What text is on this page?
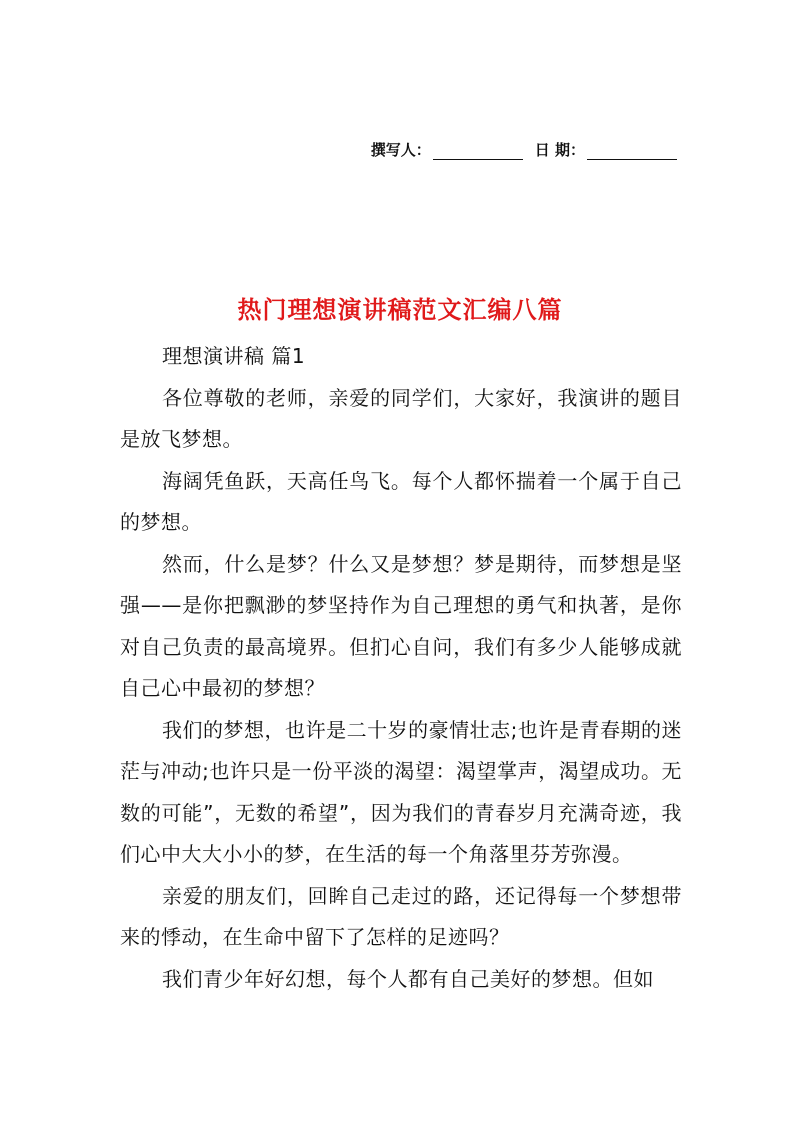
撰写人：	日 期：
热门理想演讲稿范文汇编八篇

理想演讲稿 篇1

各位尊敬的老师，亲爱的同学们，大家好，我演讲的题目是放飞梦想。

海阔凭鱼跃，天高任鸟飞。每个人都怀揣着一个属于自己的梦想。

然而，什么是梦？什么又是梦想？梦是期待，而梦想是坚强——是你把飘渺的梦坚持作为自己理想的勇气和执著，是你对自己负责的最高境界。但扪心自问，我们有多少人能够成就自己心中最初的梦想？

我们的梦想，也许是二十岁的豪情壮志;也许是青春期的迷茫与冲动;也许只是一份平淡的渴望：渴望掌声，渴望成功。无数的可能”，无数的希望”，因为我们的青春岁月充满奇迹，我们心中大大小小的梦，在生活的每一个角落里芬芳弥漫。

亲爱的朋友们，回眸自己走过的路，还记得每一个梦想带来的悸动，在生命中留下了怎样的足迹吗？

我们青少年好幻想，每个人都有自己美好的梦想。但如
